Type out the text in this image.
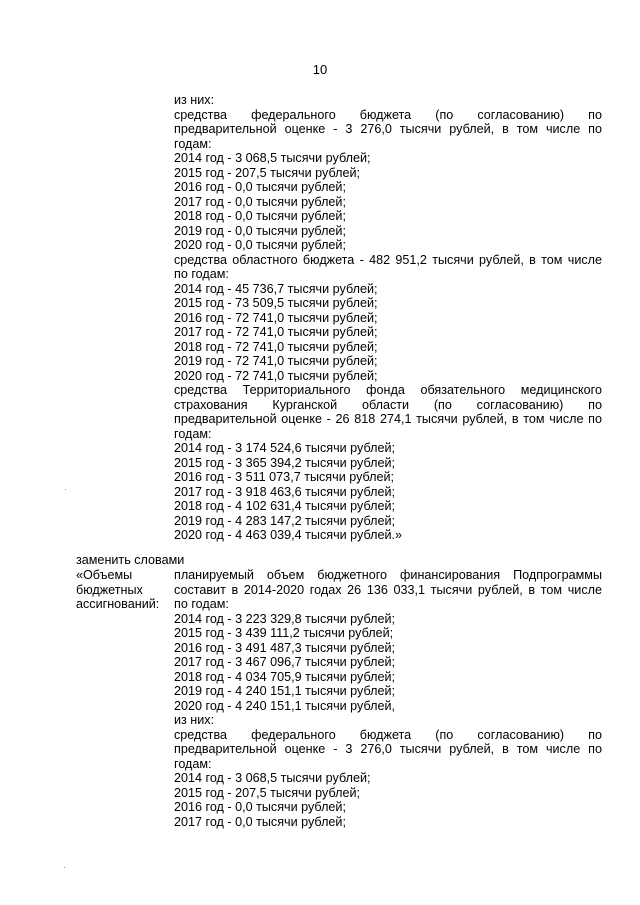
10

из них:

средства федерального бюджета (по согласованию) по

предварительной оценке - 3 276,0 тысячи рублей, в том числе по

годам:

2014 год - 3 068,5 тысячи рублей;

2015 год - 207,5 тысячи рублей;

2016 год - 0,0 тысячи рублей;

2017 год - 0,0 тысячи рублей;

2018 год - 0,0 тысячи рублей;

2019 год - 0,0 тысячи рублей;

2020 год - 0,0 тысячи рублей;

средства областного бюджета - 482 951,2 тысячи рублей, в том числе

по годам:

2014 год - 45 736,7 тысячи рублей;

2015 год - 73 509,5 тысячи рублей;

2016 год - 72 741,0 тысячи рублей;

2017 год - 72 741,0 тысячи рублей;

2018 год - 72 741,0 тысячи рублей;

2019 год - 72 741,0 тысячи рублей;

2020 год - 72 741,0 тысячи рублей;

средства Территориального фонда обязательного медицинского

страхования Курганской области (по согласованию) по

предварительной оценке - 26 818 274,1 тысячи рублей, в том числе по

годам:

2014 год - 3 174 524,6 тысячи рублей;

2015 год - 3 365 394,2 тысячи рублей;

2016 год - 3 511 073,7 тысячи рублей;

2017 год - 3 918 463,6 тысячи рублей;

2018 год - 4 102 631,4 тысячи рублей;

2019 год - 4 283 147,2 тысячи рублей;

2020 год - 4 463 039,4 тысячи рублей.»

заменить словами

«Объемы

бюджетных

ассигнований:

планируемый объем бюджетного финансирования Подпрограммы

составит в 2014-2020 годах 26 136 033,1 тысячи рублей, в том числе

по годам:

2014 год - 3 223 329,8 тысячи рублей;

2015 год - 3 439 111,2 тысячи рублей;

2016 год - 3 491 487,3 тысячи рублей;

2017 год - 3 467 096,7 тысячи рублей;

2018 год - 4 034 705,9 тысячи рублей;

2019 год - 4 240 151,1 тысячи рублей;

2020 год - 4 240 151,1 тысячи рублей,

из них:

средства федерального бюджета (по согласованию) по

предварительной оценке - 3 276,0 тысячи рублей, в том числе по

годам:

2014 год - 3 068,5 тысячи рублей;

2015 год - 207,5 тысячи рублей;

2016 год - 0,0 тысячи рублей;

2017 год - 0,0 тысячи рублей;

·
·
